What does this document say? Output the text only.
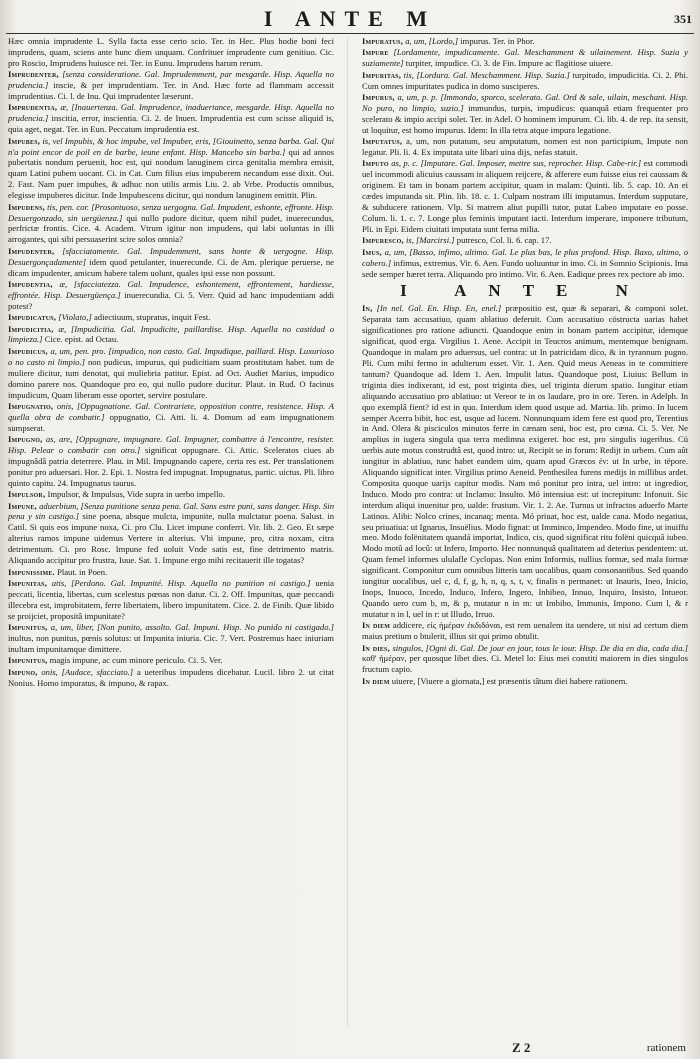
I ANTE M	351

Hæc omnia imprudente L. Sylla facta esse certo scio. Ter. in Hec. Plus hodie boni feci imprudens, quam, sciens ante hunc diem unquam. Confrituer imprudente cum genitiuo. Cic. pro Roscio, Imprudens huiusce rei. Ter. in Eunu. Imprudens harum rerum.

Imprudenter, [senza consideratione. Gal. Imprudemment, par mesgarde. Hisp. Aquella no prudencia.] inscie, & per imprudentiam. Ter. in And. Hæc forte ad flammam accessit imprudentius. Ci. l. de Inu. Qui imprudenter læserunt.

Imprudentia, æ, [Inauertenza. Gal. Imprudence, inaduertance, mesgarde. Hisp. Aquella no prudencia.] inscitia, error, inscientia. Ci. 2. de Inuen. Imprudentia est cum scisse aliquid is, quia aget, negat. Ter. in Eun. Peccatum imprudentia est.

Impubes, is, vel Impubis, & hoc impube, vel Impuber, eris, [Giouinetto, senza barba. Gal. Qui n'a point encor de poil en de barbe, ieune enfant. Hisp. Mancebo sin barba.] qui ad annos pubertatis nondum peruenit, hoc est, qui nondum lanuginem circa genitalia membra emisit, quam Latini pubem uocant. Ci. in Cat. Cum filius eius impuberem necandum esse dixit. Oui. 2. Fast. Nam puer impubes, & adhuc non utilis armis Liu. 2. ab Vrbe. Productis omnibus, elegisse impuberes dicitur. Inde Impubescens dicitur, qui nondum lanuginem emittit. Plin.

Impudens, tis, pen. cor. [Prosontuoso, senza uergogna. Gal. Impudent, eshonte, effronte. Hisp. Desuergonzado, sin uergüenza.] qui nullo pudore dicitur, quem nihil pudet, inuerecundus, perfrictæ frontis. Cice. 4. Academ. Vtrum igitur non impudens, qui labi uoluntas in illi arrogantes, qui sibi persuaserint scire solos omnia?

Impudenter, [sfacciatamente. Gal. Impudemment, sans honte & uergogne. Hisp. Desuergonçadamente] idem quod petulanter, inuerecunde. Ci. de Am. plerique peruerse, ne dicam impudenter, amicum habere talem uolunt, quales ipsi esse non possunt.

Impudentia, æ, [sfacciatezza. Gal. Impudence, eshontement, effrontement, hardiesse, effrontée. Hisp. Desuergüença.] inuerecundia. Ci. 5. Verr. Quid ad hanc impudentiam addi potest?

Impudicatus, [Violato,] adiectiuum, stupratus, inquit Fest.

Impudicitia, æ, [Impudicitia. Gal. Impudicite, paillardise. Hisp. Aquella no castidad o limpieza.] Cice. epist. ad Octau.

Impudicus, a, um, pen. pro. [impudico, non casto. Gal. Impudique, paillard. Hisp. Luxurioso o no casto ni limpio.] non pudicus, impurus, qui pudicitiam suam prostitutam habet. tum de muliere dicitur, tum denotat, qui muliebria patitur. Epist. ad Oct. Audiet Marius, impudico domino parere nos. Quandoque pro eo, qui nullo pudore ducitur. Plaut. in Rud. O facinus impudicum, Quam liberam esse oportet, servire postulare.

Impugnatio, onis, [Oppugnatione. Gal. Contrariete, opposition contre, resistence. Hisp. A quella obra de combatir.] oppugnatio, Ci. Atti. li. 4. Domum ad eam impugnationem sumpserat.

Impugno, as, are, [Oppugnare, impugnare. Gal. Impugner, combattre à l'encontre, resister. Hisp. Pelear o combatir con otro.] significat oppugnare. Ci. Attic. Sceleratos ciues ab impugnâdâ patria deterrere. Plau. in Mil. Impugnando capere, certa res est. Per translationem ponitur pro aduersari. Hor. 2. Epi. 1. Nostra fed impugnat. Impugnatus, partic. uictus. Pli. libro quinto capitu. 24. Impugnatus taurus.

Impulsor, Impulsor, & Impulsus, Vide supra in uerbo impello.

Impune, aduerbium, [Senza punitione senza pena. Gal. Sans estre puni, sans danger. Hisp. Sin pena y sin castigo.] sine poena, absque mulcta, impunite, nulla mulctatur poena. Salust. in Catil. Si quis eos impune noxa, Ci. pro Clu. Licet impune conferri. Vir. lib. 2. Geo. Et sæpe alterius ramos impune uidemus Vertere in alterius. Vbi impune, pro, citra noxam, citra detrimentum. Ci. pro Rosc. Impune fed uoluit Vnde satis est, fine detrimento matris. Aliquando accipitur pro frustra, Iuue. Sat. 1. Impune ergo mihi recitauerit ille togatas?

Impunissime. Plaut. in Poen.

Impunitas, atis, [Perdono. Gal. Impunité. Hisp. Aquella no punition ni castigo.] uenia peccati, licentia, libertas, cum scelestus pœnas non datur. Ci. 2. Off. Impunitas, quæ peccandi illecebra est, improbitatem, ferre libertatem, libero impunitatem. Cice. 2. de Finib. Quæ libido se proijciet, propositâ impunitate?

Impunitus, a, um, liber, [Non punito, assolto. Gal. Impuni. Hisp. No punido ni castigado.] inultus, non punitus, pœnis solutus: ut Impunita iniuria. Cic. 7. Vert. Postremus haec iniuriam inultam impunitamque dimittere.

Impunitus, magis impune, ac cum minore periculo. Ci. 5. Ver.

Impuno, onis, [Audace, sfacciato.] a ueteribus impudens dicebatur. Lucil. libro 2. ut citat Nonius. Homo impuratus, & impuno, & rapax.

Impuratus, a, um, [Lordo,] impurus. Ter. in Phor.

Impure [Lordamente, impudicamente. Gal. Meschamment & uilainement. Hisp. Suzia y suziamente] turpiter, impudice. Ci. 3. de Fin. Impure ac flagitiose uiuere.

Impuritas, tis, [Lordura. Gal. Meschamment. Hisp. Suzia.] turpitudo, impudicitia. Ci. 2. Phi. Cum omnes impuritates pudica in domo susciperes.

Impurus, a, um, p. p. [Immondo, sporco, scelerato. Gal. Ord & sale, uilain, meschant. Hisp. No puro, no limpio, suzio.] immundus, turpis, impudicus: quanquâ etiam frequenter pro scelerato & impio accipi solet. Ter. in Adel. O hominem impurum. Ci. lib. 4. de rep. ita sensit, ut loquitur, est homo impurus. Idem: In illa tetra atque impura legatione.

Imputatus, a, um, non putatum, seu amputatum, nomen est non participium, Impute non legatur. Pli. li. 4. Ex imputata uite libari uina dijs, nefas statuit.

Imputo as, p. c. [Imputare. Gal. Imposer, mettre sus, reprocher. Hisp. Cabe-rir.] est commodi uel incommodi alicuius caussam in aliquem reijcere, & afferere eum fuisse eius rei caussam & originem. Et tam in bonam partem accipitur, quam in malam: Quinti. lib. 5. cap. 10. An ei cædes imputanda sit. Plin. lib. 18. c. 1. Culpam nostram illi imputamus. Interdum supputare, & subducere rationem. Vlp. Si matrem aliut pupilli tutor, putat Labeo imputare eo posse. Colum. li. 1. c. 7. Longe plus feminis imputant iacti. Interdum imperare, imponere tributum, Pli. in Epi. Eidem ciuitati imputata sunt ferna milia.

Impuresco, is, [Marcirsi.] putresco, Col. li. 6. cap. 17.

Imus, a, um, [Basso, infimo, ultimo. Gal. Le plus bas, le plus profond. Hisp. Baxo, ultimo, o cabero.] infimus, extremus. Vir. 6. Aen. Fundo uoluuntur in imo. Ci. in Somnio Scipionis. Ima sede semper hæret terra. Aliquando pro intimo. Vir. 6. Aen. Eadique prees rex pectore ab imo.

I ANTE N

In, [In nel. Gal. En. Hisp. En, enel.] præpositio est, quæ & separari, & componi solet. Separata tam accusatiuo, quam ablatiuo deferuit. Cum accusatiuo cöstructa uarias habet significationes pro ratione adiuncti. Quandoque enim in bonam partem accipitur, idemque significat, quod erga. Virgilius 1. Aene. Accipit in Teucros animum, mentemque benignam. Quandoque in malam pro aduersus, uel contra: ut In patricidam dico, & in tyrannum pugno. Pli. Cum mihi fermo in adulterum esset. Vir. 1. Aen. Quid meus Aeneas in te committere tantum? Quandoque ad. Idem 1. Aen. Impulit latus. Quandoque post, Liuius: Bellum in triginta dies indixerant, id est, post triginta dies, uel triginta dierum spatio. Iungitur etiam aliquando accusatiuo pro ablatiuo: ut Vereor te in os laudare, pro in ore. Teren. in Adelph. In quo exemplâ fient? id est in quo. Interdum idem quod usque ad. Martia. lib. primo. In lucem semper Acerra bibit, hoc est, usque ad lucem. Nonnunquam idem fere est quod pro, Terentius in And. Olera & pisciculos minutos ferre in cænam seni, hoc est, pro cæna. Ci. 5. Ver. Ne amplius in iugera singula qua terra medimna exigeret. hoc est, pro singulis iugeribus. Cü uerbis aute motus construdtâ est, quod intro: ut, Recipit se in forum: Redijt in urbem. Cum aût iungitur in ablatiuo, tunc habet eandem uim, quam apud Græcos ἐν: ut In urbe, in tëpore. Aliquando significat inter. Virgilius primo Aeneid. Penthesilea furens medijs in millibus ardet. Composita quoque uarijs capitur modis. Nam mó ponitur pro intra, uel intro: ut ingredior, Induco. Modo pro contra: ut Inclamo: Insulto. Mó intensiua est: ut increpitum: Infonuit. Sic interdum aliqui inuenitur pro, ualde: frustum. Vir. 1. 2. Ae. Turnus ut infractos aduerfo Marte Latinos. Alibi: Nolco crines, incanaq; menta. Mó priuat, hoc est, ualde cana. Modo negatiua, seu priuatiua: ut Ignarus, Insuëlius. Modo fignat: ut Imminco, Impendeo. Modo fine, ut inuiffu meo. Modo folënitatem quandá importat, Indico, cis, quod significat ritu folëni quicquâ iubeo. Modo motû ad locû: ut Infero, Importo. Hec nonnunquâ qualitatem ad deterius pendentem: ut. Quam femel informes ululafle Cyclopas. Non enim Informis, nullius formæ, sed mala formæ significant. Componitur cum omnibus litteris tam uocalibus, quam consonantibus. Sed quando iungitur uocalibus, uel c, d, f, g, h, n, q, s, t, v, finalis n permanet: ut Inauris, Ineo, Inicio, Inops, Inuoco, Incedo, Induco, Infero, Ingero, Inhibeo, Innuo, Inquiro, Insisto, Intueor. Quando uero cum b, m, & p, mutatur n in m: ut Imbibo, Immunis, Impono. Cum l, & r mutatur n in l, uel in r: ut Illudo, Irruo.

In diem addicere, εἰς ἡμέραν ἐκδιδόναι, est rem uenalem ita uendere, ut nisi ad certum diem maius pretium o btulerit, illius sit qui primo obtulit.

In dies, singulos, [Ogni di. Gal. De jour en jour, tous le iour. Hisp. De dia en dia, cada dia.] καθ' ἡμέραν, per quosque libet dies. Ci. Metel lo: Eius mei constiti maiorem in dies singulos fructum capio.

In diem uiuere, [Viuere a giornata,] est præsentis tâtum diei habere rationem.

Z 2	rationem
